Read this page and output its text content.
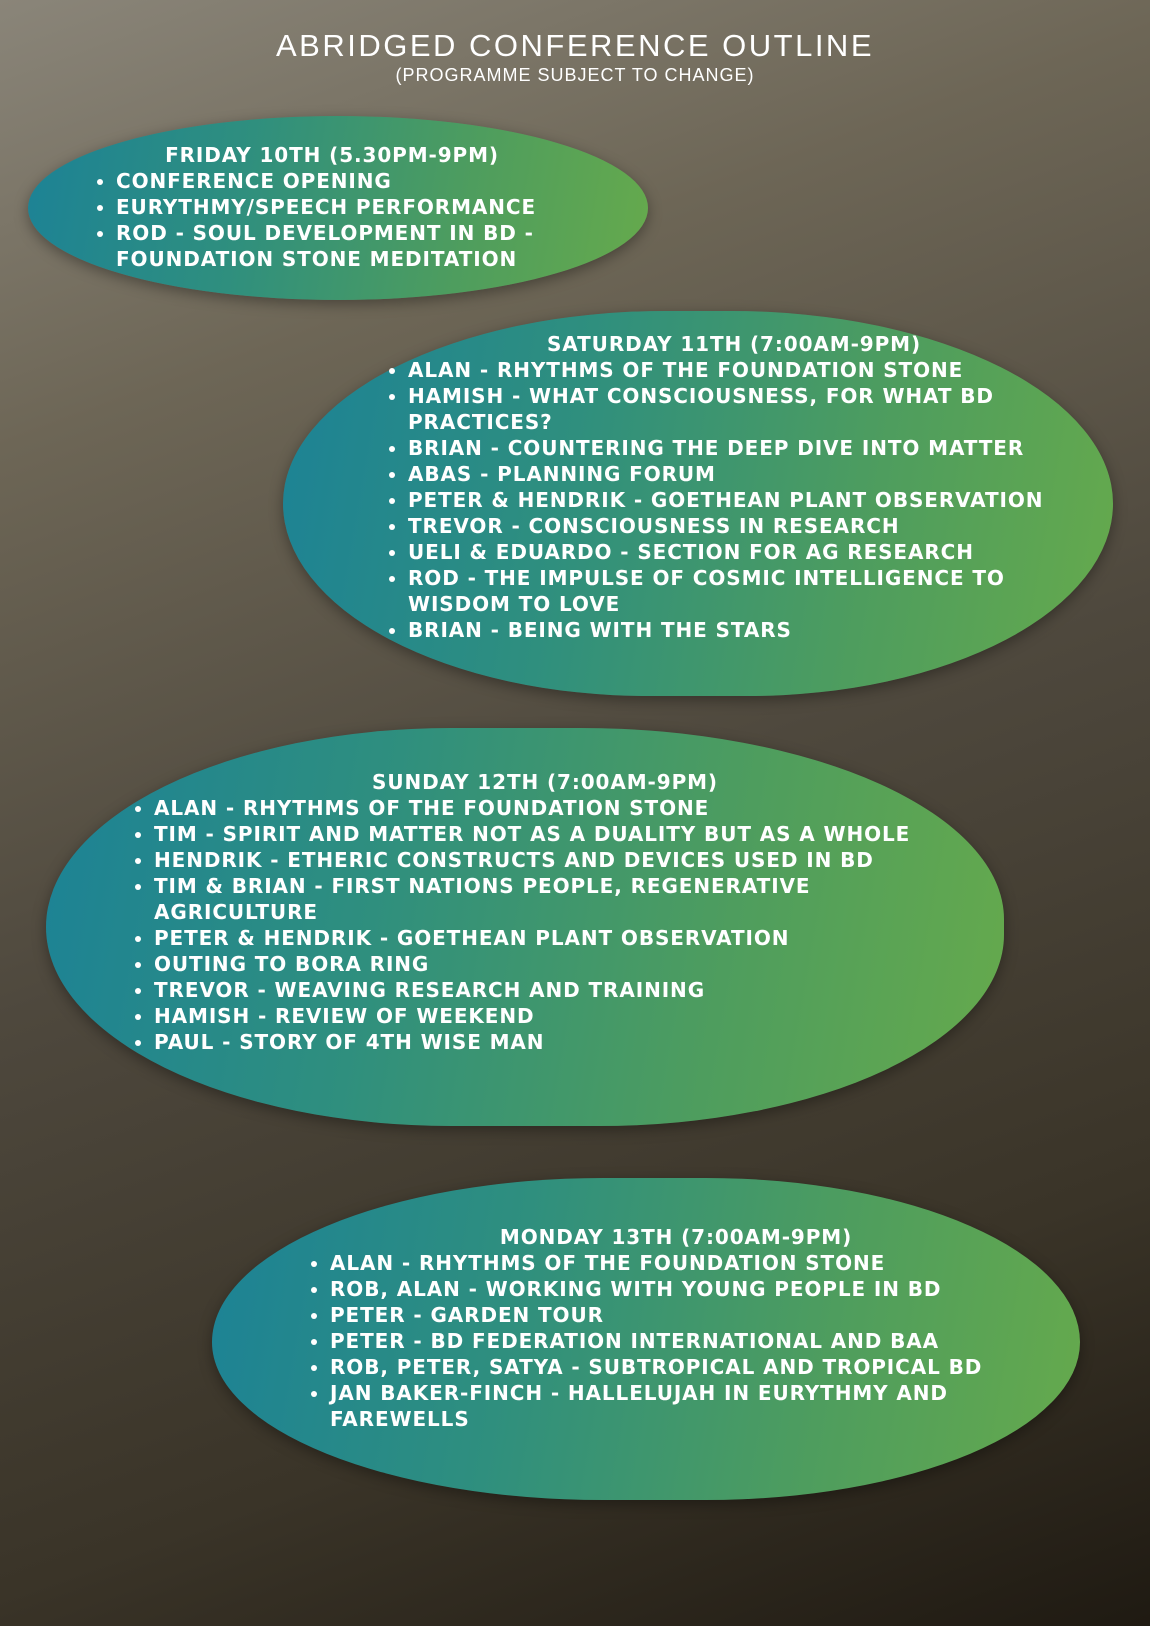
ABRIDGED CONFERENCE OUTLINE
(PROGRAMME SUBJECT TO CHANGE)
FRIDAY 10TH (5.30PM-9PM)
• CONFERENCE OPENING
• EURYTHMY/SPEECH PERFORMANCE
• ROD - SOUL DEVELOPMENT IN BD - FOUNDATION STONE MEDITATION
SATURDAY 11TH (7:00AM-9PM)
• ALAN - RHYTHMS OF THE FOUNDATION STONE
• HAMISH - WHAT CONSCIOUSNESS, FOR WHAT BD PRACTICES?
• BRIAN - COUNTERING THE DEEP DIVE INTO MATTER
• ABAS - PLANNING FORUM
• PETER & HENDRIK - GOETHEAN PLANT OBSERVATION
• TREVOR - CONSCIOUSNESS IN RESEARCH
• UELI & EDUARDO - SECTION FOR AG RESEARCH
• ROD - THE IMPULSE OF COSMIC INTELLIGENCE TO WISDOM TO LOVE
• BRIAN - BEING WITH THE STARS
SUNDAY 12TH (7:00AM-9PM)
• ALAN - RHYTHMS OF THE FOUNDATION STONE
• TIM - SPIRIT AND MATTER NOT AS A DUALITY BUT AS A WHOLE
• HENDRIK - ETHERIC CONSTRUCTS AND DEVICES USED IN BD
• TIM & BRIAN - FIRST NATIONS PEOPLE, REGENERATIVE AGRICULTURE
• PETER & HENDRIK - GOETHEAN PLANT OBSERVATION
• OUTING TO BORA RING
• TREVOR - WEAVING RESEARCH AND TRAINING
• HAMISH - REVIEW OF WEEKEND
• PAUL - STORY OF 4TH WISE MAN
MONDAY 13TH (7:00AM-9PM)
• ALAN - RHYTHMS OF THE FOUNDATION STONE
• ROB, ALAN - WORKING WITH YOUNG PEOPLE IN BD
• PETER - GARDEN TOUR
• PETER - BD FEDERATION INTERNATIONAL AND BAA
• ROB, PETER, SATYA - SUBTROPICAL AND TROPICAL BD
• JAN BAKER-FINCH - HALLELUJAH IN EURYTHMY AND FAREWELLS
